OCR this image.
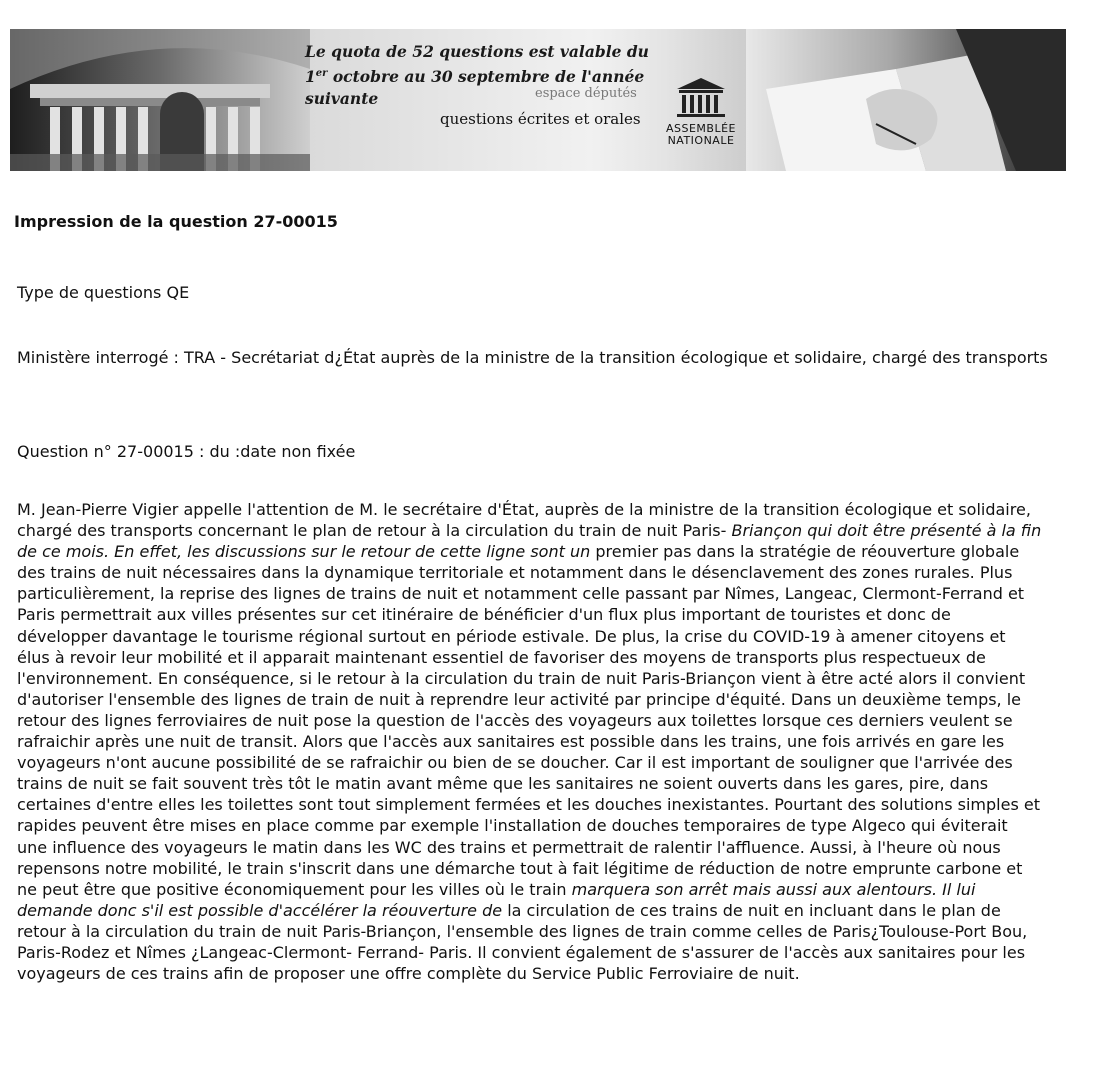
Le quota de 52 questions est valable du
1er octobre au 30 septembre de l'année
suivante	espace députés
questions écrites et orales
ASSEMBLÉE
NATIONALE
Impression de la question 27-00015
Type de questions QE
Ministère interrogé : TRA - Secrétariat d¿État auprès de la ministre de la transition écologique et solidaire, chargé des transports
Question n° 27-00015 : du :date non fixée

M. Jean-Pierre Vigier appelle l'attention de M. le secrétaire d'État, auprès de la ministre de la transition écologique et solidaire, chargé des transports concernant le plan de retour à la circulation du train de nuit Paris- Briançon qui doit être présenté à la fin de ce mois. En effet, les discussions sur le retour de cette ligne sont un premier pas dans la stratégie de réouverture globale des trains de nuit nécessaires dans la dynamique territoriale et notamment dans le désenclavement des zones rurales. Plus particulièrement, la reprise des lignes de trains de nuit et notamment celle passant par Nîmes, Langeac, Clermont-Ferrand et Paris permettrait aux villes présentes sur cet itinéraire de bénéficier d'un flux plus important de touristes et donc de développer davantage le tourisme régional surtout en période estivale. De plus, la crise du COVID-19 à amener citoyens et élus à revoir leur mobilité et il apparait maintenant essentiel de favoriser des moyens de transports plus respectueux de l'environnement. En conséquence, si le retour à la circulation du train de nuit Paris-Briançon vient à être acté alors il convient d'autoriser l'ensemble des lignes de train de nuit à reprendre leur activité par principe d'équité. Dans un deuxième temps, le retour des lignes ferroviaires de nuit pose la question de l'accès des voyageurs aux toilettes lorsque ces derniers veulent se rafraichir après une nuit de transit. Alors que l'accès aux sanitaires est possible dans les trains, une fois arrivés en gare les voyageurs n'ont aucune possibilité de se rafraichir ou bien de se doucher. Car il est important de souligner que l'arrivée des trains de nuit se fait souvent très tôt le matin avant même que les sanitaires ne soient ouverts dans les gares, pire, dans certaines d'entre elles les toilettes sont tout simplement fermées et les douches inexistantes. Pourtant des solutions simples et rapides peuvent être mises en place comme par exemple l'installation de douches temporaires de type Algeco qui éviterait une influence des voyageurs le matin dans les WC des trains et permettrait de ralentir l'affluence. Aussi, à l'heure où nous repensons notre mobilité, le train s'inscrit dans une démarche tout à fait légitime de réduction de notre emprunte carbone et ne peut être que positive économiquement pour les villes où le train marquera son arrêt mais aussi aux alentours. Il lui demande donc s'il est possible d'accélérer la réouverture de la circulation de ces trains de nuit en incluant dans le plan de retour à la circulation du train de nuit Paris-Briançon, l'ensemble des lignes de train comme celles de Paris¿Toulouse-Port Bou, Paris-Rodez et Nîmes ¿Langeac-Clermont- Ferrand- Paris. Il convient également de s'assurer de l'accès aux sanitaires pour les voyageurs de ces trains afin de proposer une offre complète du Service Public Ferroviaire de nuit.
